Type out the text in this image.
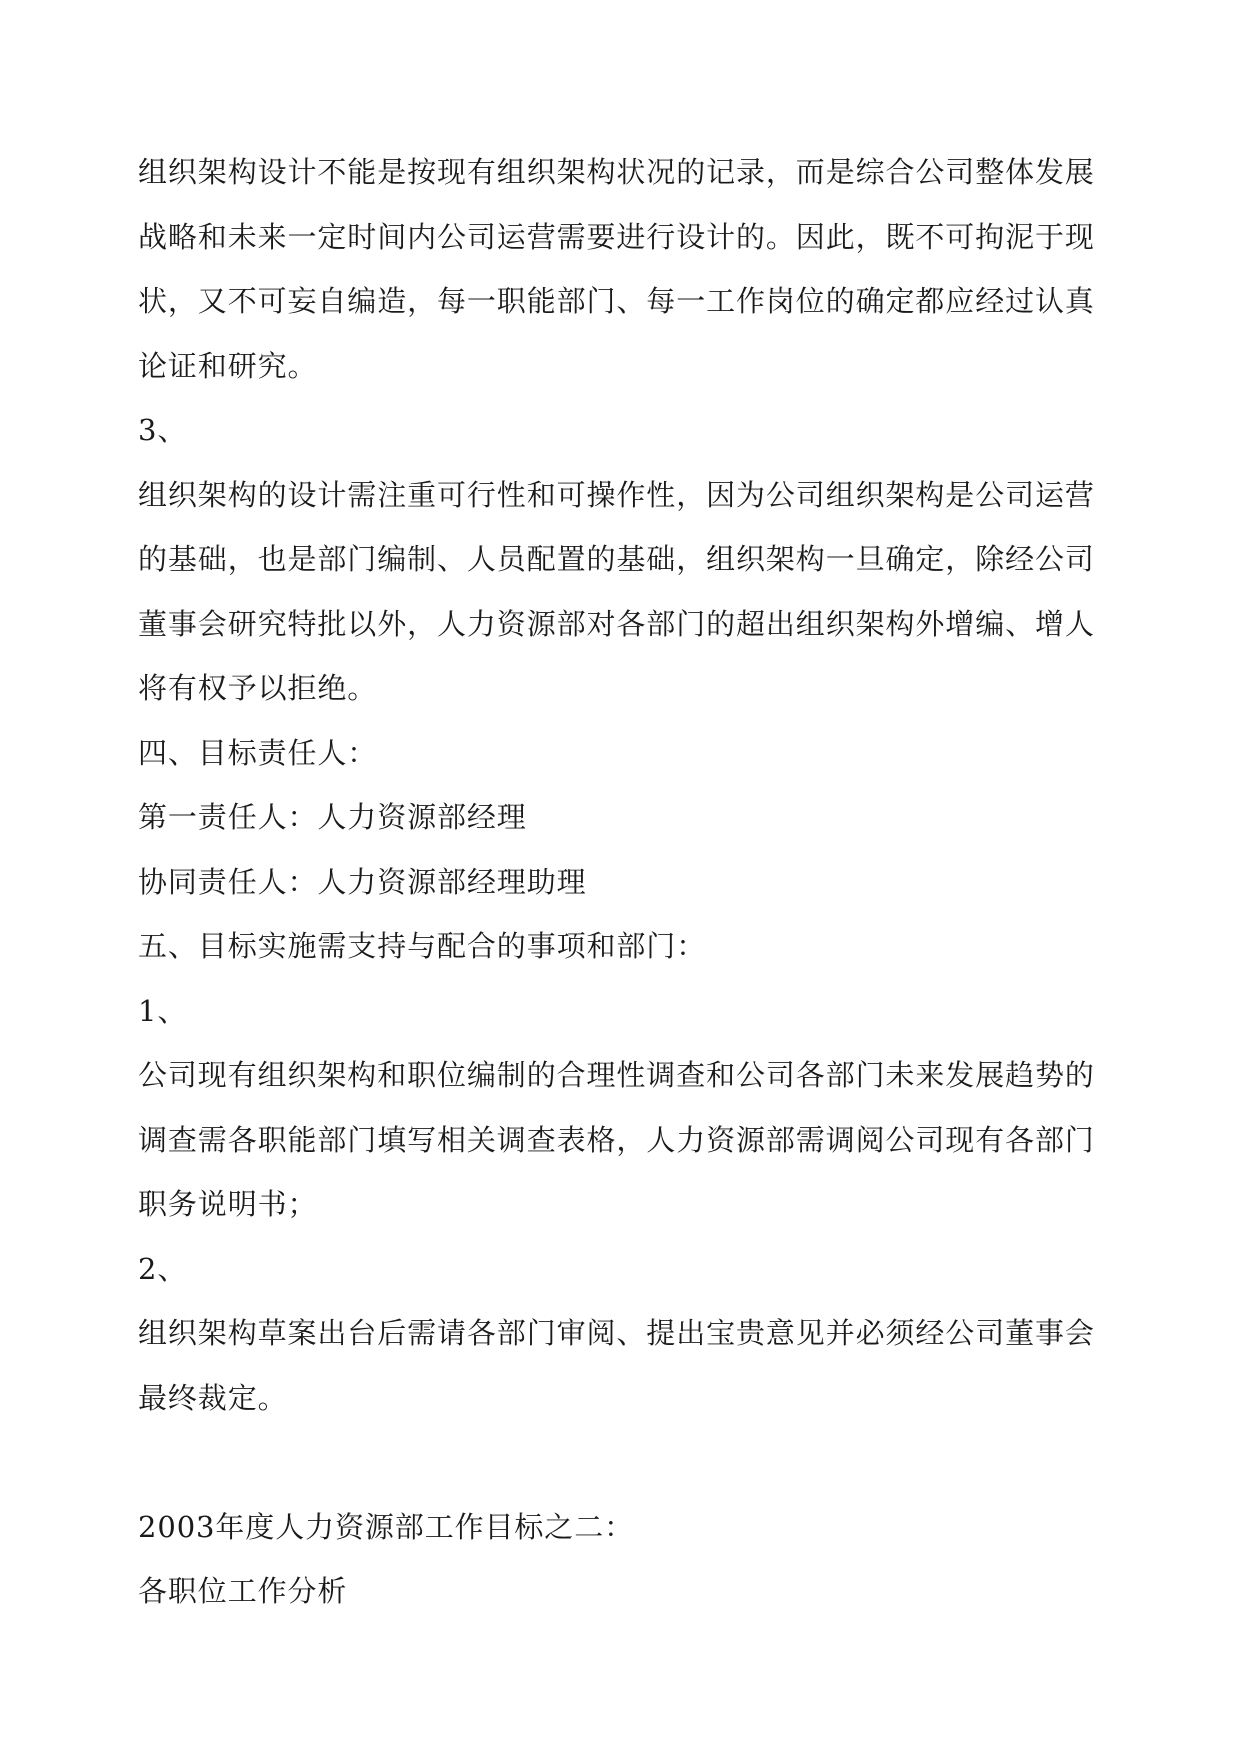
组织架构设计不能是按现有组织架构状况的记录，而是综合公司整体发展战略和未来一定时间内公司运营需要进行设计的。因此，既不可拘泥于现状，又不可妄自编造，每一职能部门、每一工作岗位的确定都应经过认真论证和研究。

3、

组织架构的设计需注重可行性和可操作性，因为公司组织架构是公司运营的基础，也是部门编制、人员配置的基础，组织架构一旦确定，除经公司董事会研究特批以外，人力资源部对各部门的超出组织架构外增编、增人将有权予以拒绝。

四、目标责任人：

第一责任人：人力资源部经理

协同责任人：人力资源部经理助理

五、目标实施需支持与配合的事项和部门：

1、

公司现有组织架构和职位编制的合理性调查和公司各部门未来发展趋势的调查需各职能部门填写相关调查表格，人力资源部需调阅公司现有各部门职务说明书；

2、

组织架构草案出台后需请各部门审阅、提出宝贵意见并必须经公司董事会最终裁定。

2003年度人力资源部工作目标之二：

各职位工作分析
